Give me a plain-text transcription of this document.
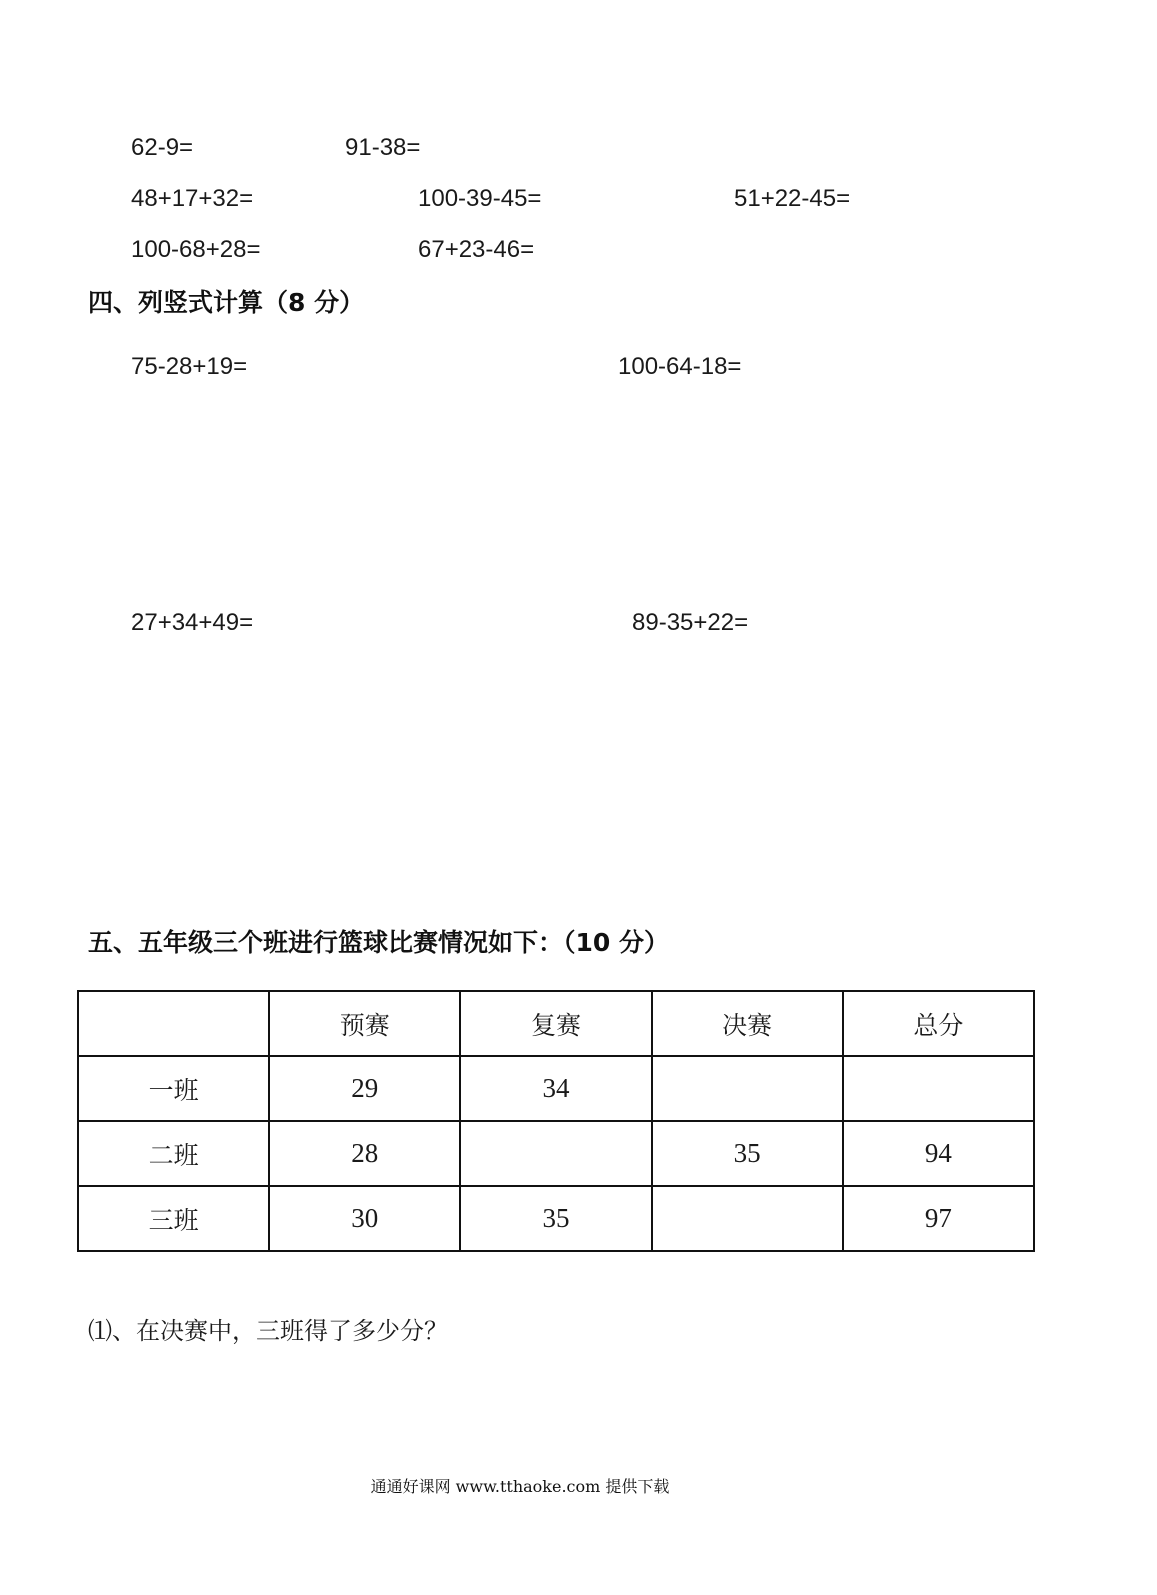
62-9=	91-38=
48+17+32=	100-39-45=	51+22-45=
100-68+28=	67+23-46=
四、列竖式计算（8 分）
75-28+19=	100-64-18=
27+34+49=	89-35+22=
五、五年级三个班进行篮球比赛情况如下：（10 分）
	预赛	复赛	决赛	总分
一班	29	34		
二班	28		35	94
三班	30	35		97
⑴、在决赛中，三班得了多少分？
通通好课网 www.tthaoke.com 提供下载
